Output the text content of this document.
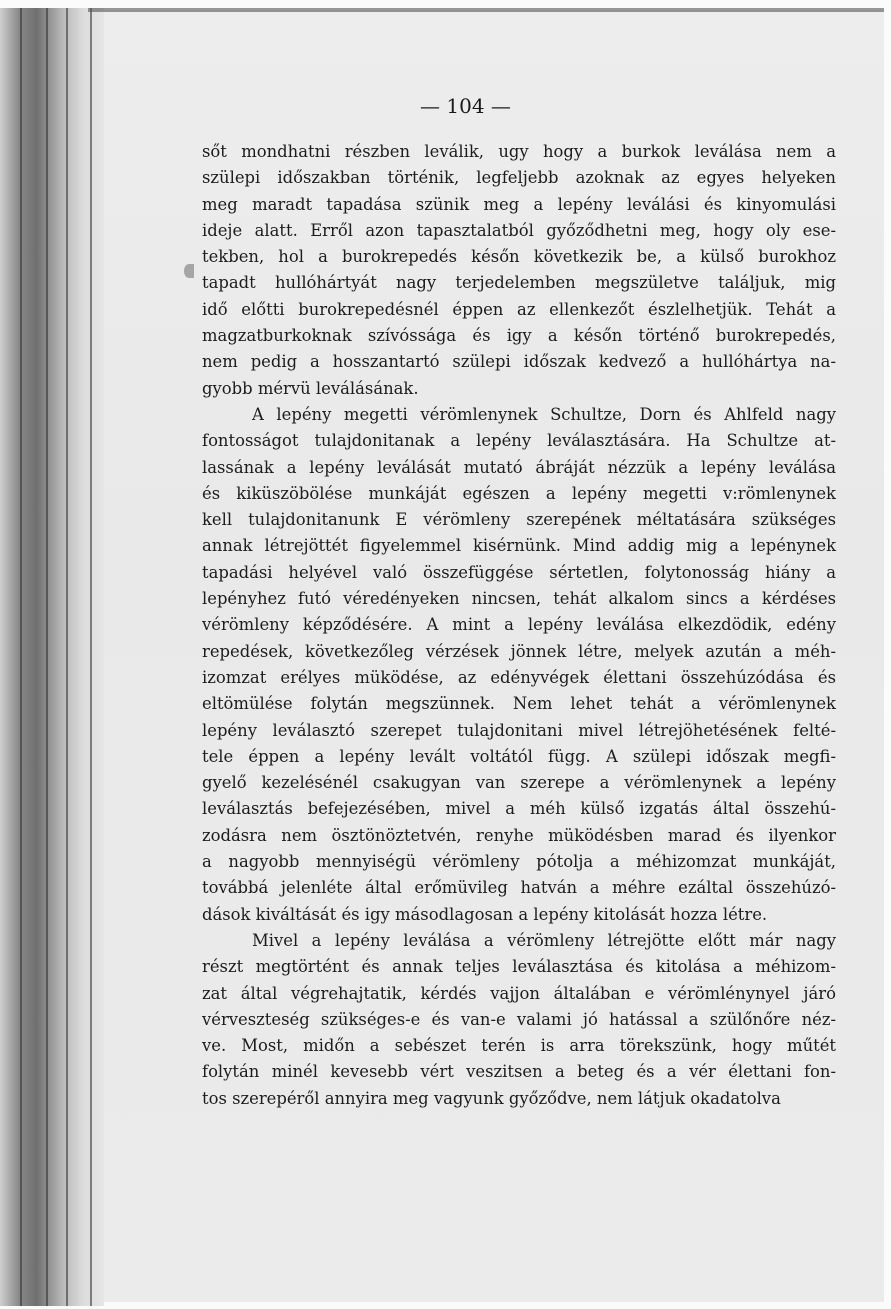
— 104 —
sőt mondhatni részben leválik, ugy hogy a burkok leválása nem a
szülepi időszakban történik, legfeljebb azoknak az egyes helyeken
meg maradt tapadása szünik meg a lepény leválási és kinyomulási
ideje alatt. Erről azon tapasztalatból győződhetni meg, hogy oly ese-
tekben, hol a burokrepedés későn következik be, a külső burokhoz
tapadt hullóhártyát nagy terjedelemben megszületve találjuk, mig
idő előtti burokrepedésnél éppen az ellenkezőt észlelhetjük. Tehát a
magzatburkoknak szívóssága és igy a későn történő burokrepedés,
nem pedig a hosszantartó szülepi időszak kedvező a hullóhártya na-
gyobb mérvü leválásának.
A lepény megetti vérömlenynek Schultze, Dorn és Ahlfeld nagy
fontosságot tulajdonitanak a lepény leválasztására. Ha Schultze at-
lassának a lepény leválását mutató ábráját nézzük a lepény leválása
és kiküszöbölése munkáját egészen a lepény megetti v:römlenynek
kell tulajdonitanunk E vérömleny szerepének méltatására szükséges
annak létrejöttét figyelemmel kisérnünk. Mind addig mig a lepénynek
tapadási helyével való összefüggése sértetlen, folytonosság hiány a
lepényhez futó véredényeken nincsen, tehát alkalom sincs a kérdéses
vérömleny képződésére. A mint a lepény leválása elkezdödik, edény
repedések, következőleg vérzések jönnek létre, melyek azután a méh-
izomzat erélyes müködése, az edényvégek élettani összehúzódása és
eltömülése folytán megszünnek. Nem lehet tehát a vérömlenynek
lepény leválasztó szerepet tulajdonitani mivel létrejöhetésének felté-
tele éppen a lepény levált voltától függ. A szülepi időszak megfi-
gyelő kezelésénél csakugyan van szerepe a vérömlenynek a lepény
leválasztás befejezésében, mivel a méh külső izgatás által összehú-
zodásra nem ösztönöztetvén, renyhe müködésben marad és ilyenkor
a nagyobb mennyiségü vérömleny pótolja a méhizomzat munkáját,
továbbá jelenléte által erőmüvileg hatván a méhre ezáltal összehúzó-
dások kiváltását és igy másodlagosan a lepény kitolását hozza létre.
Mivel a lepény leválása a vérömleny létrejötte előtt már nagy
részt megtörtént és annak teljes leválasztása és kitolása a méhizom-
zat által végrehajtatik, kérdés vajjon általában e vérömlénynyel járó
vérveszteség szükséges-e és van-e valami jó hatással a szülőnőre néz-
ve. Most, midőn a sebészet terén is arra törekszünk, hogy műtét
folytán minél kevesebb vért veszitsen a beteg és a vér élettani fon-
tos szerepéről annyira meg vagyunk győződve, nem látjuk okadatolva
